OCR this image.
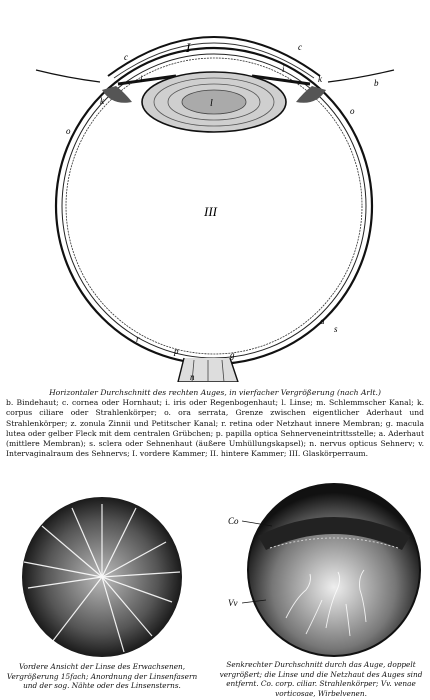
I
l
III
c
c
i
i
k
k	b
o
o
r
p	g
a
s
n
Horizontaler Durchschnitt des rechten Auges, in vierfacher Vergrößerung (nach Arlt.)
b. Bindehaut; c. cornea oder Hornhaut; i. iris oder Regenbogenhaut; l. Linse; m. Schlemmscher Kanal; k. corpus ciliare oder Strahlenkörper; o. ora serrata, Grenze zwischen eigentlicher Aderhaut und Strahlenkörper; z. zonula Zinnii und Petitscher Kanal; r. retina oder Netzhaut innere Membran; g. macula lutea oder gelber Fleck mit dem centralen Grübchen; p. papilla optica Sehnerveneintrittsstelle; a. Aderhaut (mittlere Membran); s. sclera oder Sehnenhaut (äußere Umhüllungskapsel); n. nervus opticus Sehnerv; v. Intervaginalraum des Sehnervs; I. vordere Kammer; II. hintere Kammer; III. Glaskörperraum.
Co
Vv
Vordere Ansicht der Linse des Erwachsenen, Vergrößerung 15fach; Anordnung der Linsenfasern und der sog. Nähte oder des Linsensterns.
Senkrechter Durchschnitt durch das Auge, doppelt vergrößert; die Linse und die Netzhaut des Auges sind entfernt. Co. corp. ciliar. Strahlenkörper; Vv. venae vorticosae, Wirbelvenen.
